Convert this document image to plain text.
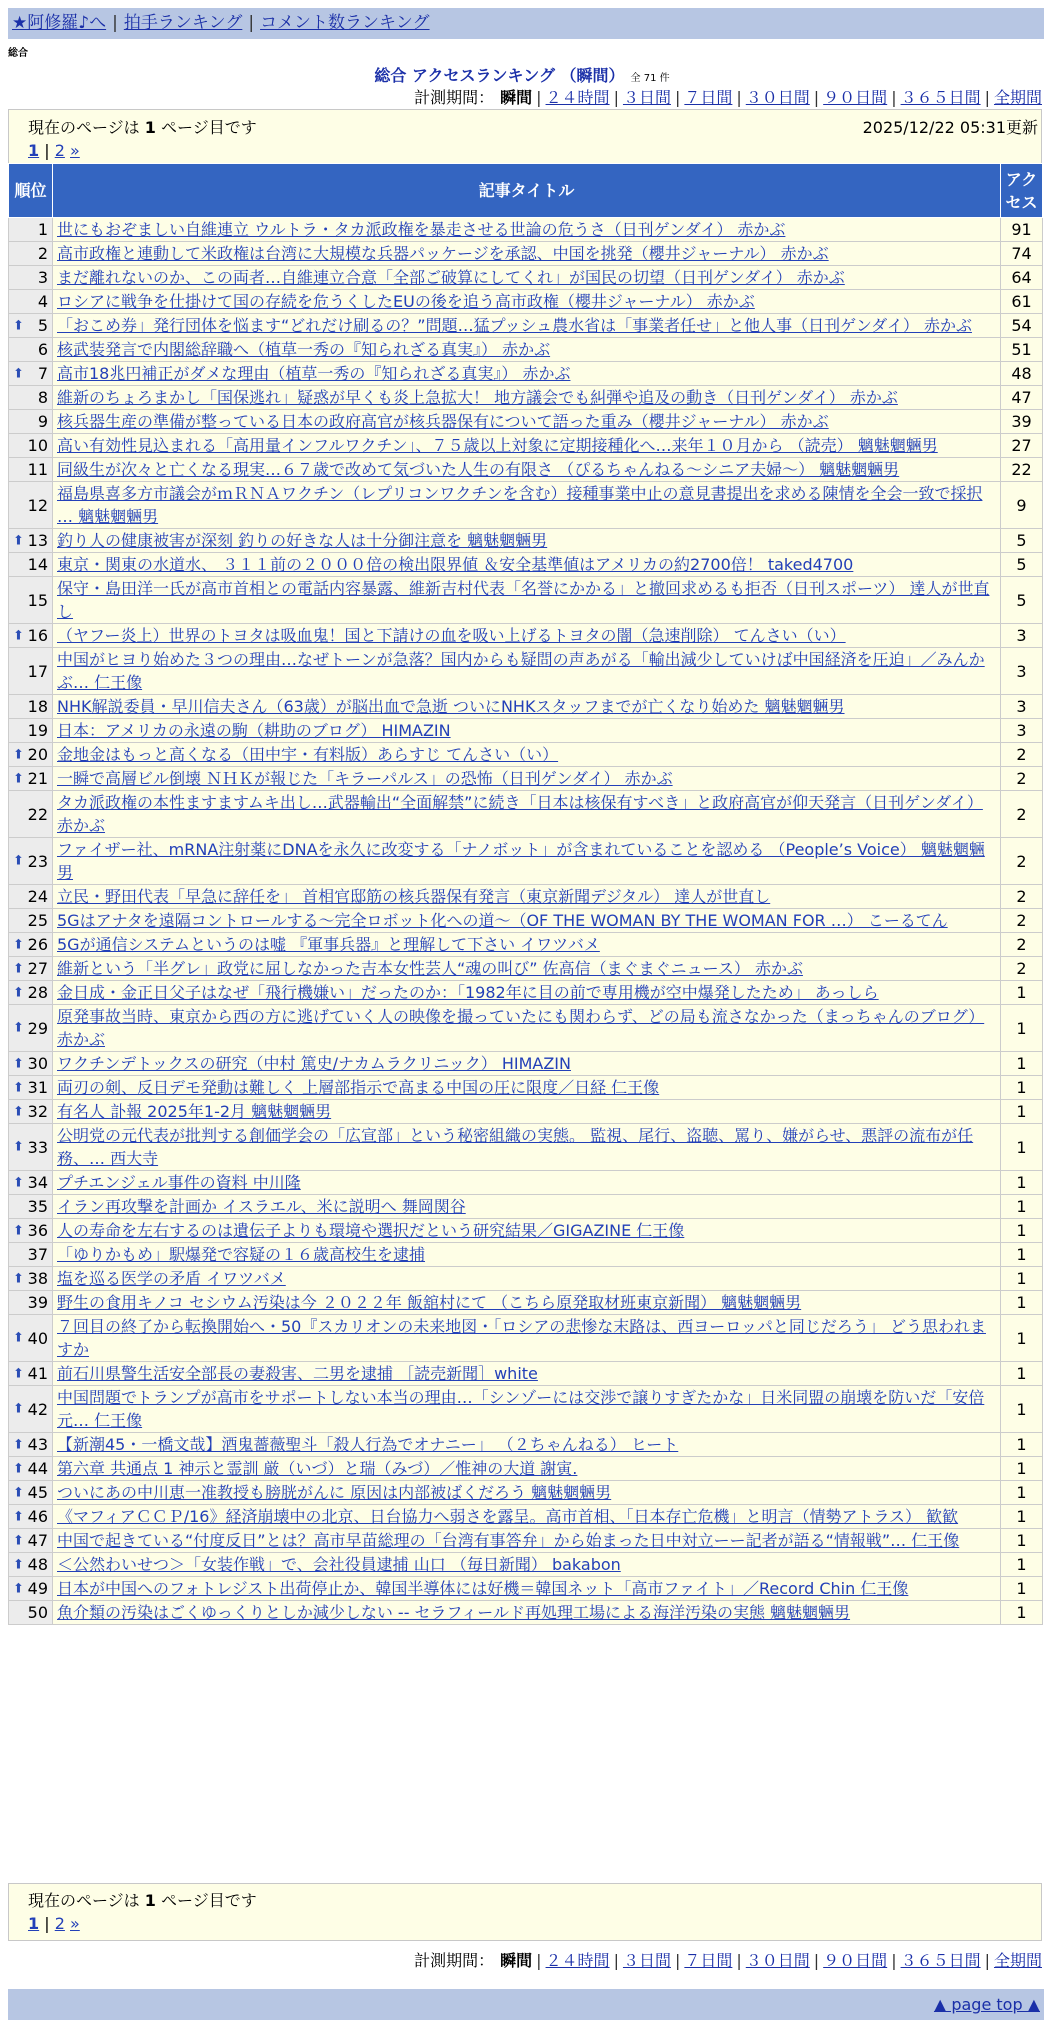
★阿修羅♪へ | 拍手ランキング | コメント数ランキング
総合
総合 アクセスランキング （瞬間） 全 71 件
計測期間： 瞬間 | ２４時間 | ３日間 | ７日間 | ３０日間 | ９０日間 | ３６５日間 | 全期間
現在のページは 1 ページ目です	2025/12/22 05:31更新
1 | 2 »
順位	記事タイトル	アクセス
1	世にもおぞましい自維連立 ウルトラ・タカ派政権を暴走させる世論の危うさ（日刊ゲンダイ） 赤かぶ	91
2	高市政権と連動して米政権は台湾に大規模な兵器パッケージを承認、中国を挑発（櫻井ジャーナル） 赤かぶ	74
3	まだ離れないのか、この両者…自維連立合意「全部ご破算にしてくれ」が国民の切望（日刊ゲンダイ） 赤かぶ	64
4	ロシアに戦争を仕掛けて国の存続を危うくしたEUの後を追う高市政権（櫻井ジャーナル） 赤かぶ	61

⬆ 5	「おこめ券」発行団体を悩ます“どれだけ刷るの？”問題…猛プッシュ農水省は「事業者任せ」と他人事（日刊ゲンダイ） 赤かぶ	54
6	核武装発言で内閣総辞職へ（植草一秀の『知られざる真実』） 赤かぶ	51

⬆ 7	高市18兆円補正がダメな理由（植草一秀の『知られざる真実』） 赤かぶ	48
8	維新のちょろまかし「国保逃れ」疑惑が早くも炎上急拡大！ 地方議会でも糾弾や追及の動き（日刊ゲンダイ） 赤かぶ	47
9	核兵器生産の準備が整っている日本の政府高官が核兵器保有について語った重み（櫻井ジャーナル） 赤かぶ	39
10	高い有効性見込まれる「高用量インフルワクチン」、７５歳以上対象に定期接種化へ…来年１０月から （読売） 魑魅魍魎男	27
11	同級生が次々と亡くなる現実…６７歳で改めて気づいた人生の有限さ （ぴるちゃんねる～シニア夫婦～） 魑魅魍魎男	22
12	福島県喜多方市議会がｍＲＮＡワクチン（レプリコンワクチンを含む）接種事業中止の意見書提出を求める陳情を全会一致で採択 … 魑魅魍魎男	9

⬆ 13	釣り人の健康被害が深刻 釣りの好きな人は十分御注意を 魑魅魍魎男	5
14	東京・関東の水道水、 ３１１前の２０００倍の検出限界値 ＆安全基準値はアメリカの約2700倍！ taked4700	5
15	保守・島田洋一氏が高市首相との電話内容暴露、維新吉村代表「名誉にかかる」と撤回求めるも拒否（日刊スポーツ） 達人が世直し	5

⬆ 16	（ヤフー炎上）世界のトヨタは吸血鬼！国と下請けの血を吸い上げるトヨタの闇（急速削除） てんさい（い）	3
17	中国がヒヨり始めた３つの理由…なぜトーンが急落？国内からも疑問の声あがる「輸出減少していけば中国経済を圧迫」／みんかぶ… 仁王像	3
18	NHK解説委員・早川信夫さん（63歳）が脳出血で急逝 ついにNHKスタッフまでが亡くなり始めた 魑魅魍魎男	3
19	日本：アメリカの永遠の駒（耕助のブログ） HIMAZIN	3

⬆ 20	金地金はもっと高くなる（田中宇・有料版）あらすじ てんさい（い）	2

⬆ 21	一瞬で高層ビル倒壊 ＮＨＫが報じた「キラーパルス」の恐怖（日刊ゲンダイ） 赤かぶ	2
22	タカ派政権の本性ますますムキ出し…武器輸出“全面解禁”に続き「日本は核保有すべき」と政府高官が仰天発言（日刊ゲンダイ） 赤かぶ	2

⬆ 23	ファイザー社、mRNA注射薬にDNAを永久に改変する「ナノボット」が含まれていることを認める （People’s Voice） 魑魅魍魎男	2
24	立民・野田代表「早急に辞任を」 首相官邸筋の核兵器保有発言（東京新聞デジタル） 達人が世直し	2
25	5Gはアナタを遠隔コントロールする〜完全ロボット化への道〜（OF THE WOMAN BY THE WOMAN FOR …） こーるてん	2

⬆ 26	5Gが通信システムというのは嘘 『軍事兵器』と理解して下さい イワツバメ	2

⬆ 27	維新という「半グレ」政党に屈しなかった吉本女性芸人“魂の叫び” 佐高信（まぐまぐニュース） 赤かぶ	2

⬆ 28	金日成・金正日父子はなぜ「飛行機嫌い」だったのか：「1982年に目の前で専用機が空中爆発したため」 あっしら	1

⬆ 29	原発事故当時、東京から西の方に逃げていく人の映像を撮っていたにも関わらず、どの局も流さなかった（まっちゃんのブログ） 赤かぶ	1

⬆ 30	ワクチンデトックスの研究（中村 篤史/ナカムラクリニック） HIMAZIN	1

⬆ 31	両刃の剣、反日デモ発動は難しく 上層部指示で高まる中国の圧に限度／日経 仁王像	1

⬆ 32	有名人 訃報 2025年1-2月 魑魅魍魎男	1

⬆ 33	公明党の元代表が批判する創価学会の「広宣部」という秘密組織の実態。 監視、尾行、盗聴、罵り、嫌がらせ、悪評の流布が任務、… 西大寺	1

⬆ 34	プチエンジェル事件の資料 中川隆	1
35	イラン再攻撃を計画か イスラエル、米に説明へ 舞岡関谷	1

⬆ 36	人の寿命を左右するのは遺伝子よりも環境や選択だという研究結果／GIGAZINE 仁王像	1
37	「ゆりかもめ」駅爆発で容疑の１６歳高校生を逮捕	1

⬆ 38	塩を巡る医学の矛盾 イワツバメ	1
39	野生の食用キノコ セシウム汚染は今 ２０２２年 飯舘村にて （こちら原発取材班東京新聞） 魑魅魍魎男	1

⬆ 40	７回目の終了から転換開始へ・50『スカリオンの未来地図・「ロシアの悲惨な末路は、西ヨーロッパと同じだろう」 どう思われますか	1

⬆ 41	前石川県警生活安全部長の妻殺害、二男を逮捕 ［読売新聞］white	1

⬆ 42	中国問題でトランプが高市をサポートしない本当の理由…「シンゾーには交渉で譲りすぎたかな」日米同盟の崩壊を防いだ「安倍元… 仁王像	1

⬆ 43	【新潮45・一橋文哉】酒鬼薔薇聖斗「殺人行為でオナニー」 （２ちゃんねる） ヒート	1

⬆ 44	第六章 共通点 1 神示と霊訓 厳（いづ）と瑞（みづ）／惟神の大道 謝寅.	1

⬆ 45	ついにあの中川恵一准教授も膀胱がんに 原因は内部被ばくだろう 魑魅魍魎男	1

⬆ 46	《マフィアＣＣＰ/16》経済崩壊中の北京、日台協力へ弱さを露呈。高市首相、「日本存亡危機」と明言（情勢アトラス） 歓歓	1

⬆ 47	中国で起きている“付度反日”とは？高市早苗総理の「台湾有事答弁」から始まった日中対立ーー記者が語る“情報戦”… 仁王像	1

⬆ 48	＜公然わいせつ＞「女装作戦」で、会社役員逮捕 山口 （毎日新聞） bakabon	1

⬆ 49	日本が中国へのフォトレジスト出荷停止か、韓国半導体には好機＝韓国ネット「高市ファイト」／Record Chin 仁王像	1
50	魚介類の汚染はごくゆっくりとしか減少しない -- セラフィールド再処理工場による海洋汚染の実態 魑魅魍魎男	1
現在のページは 1 ページ目です
1 | 2 »
計測期間： 瞬間 | ２４時間 | ３日間 | ７日間 | ３０日間 | ９０日間 | ３６５日間 | 全期間
▲ page top ▲
